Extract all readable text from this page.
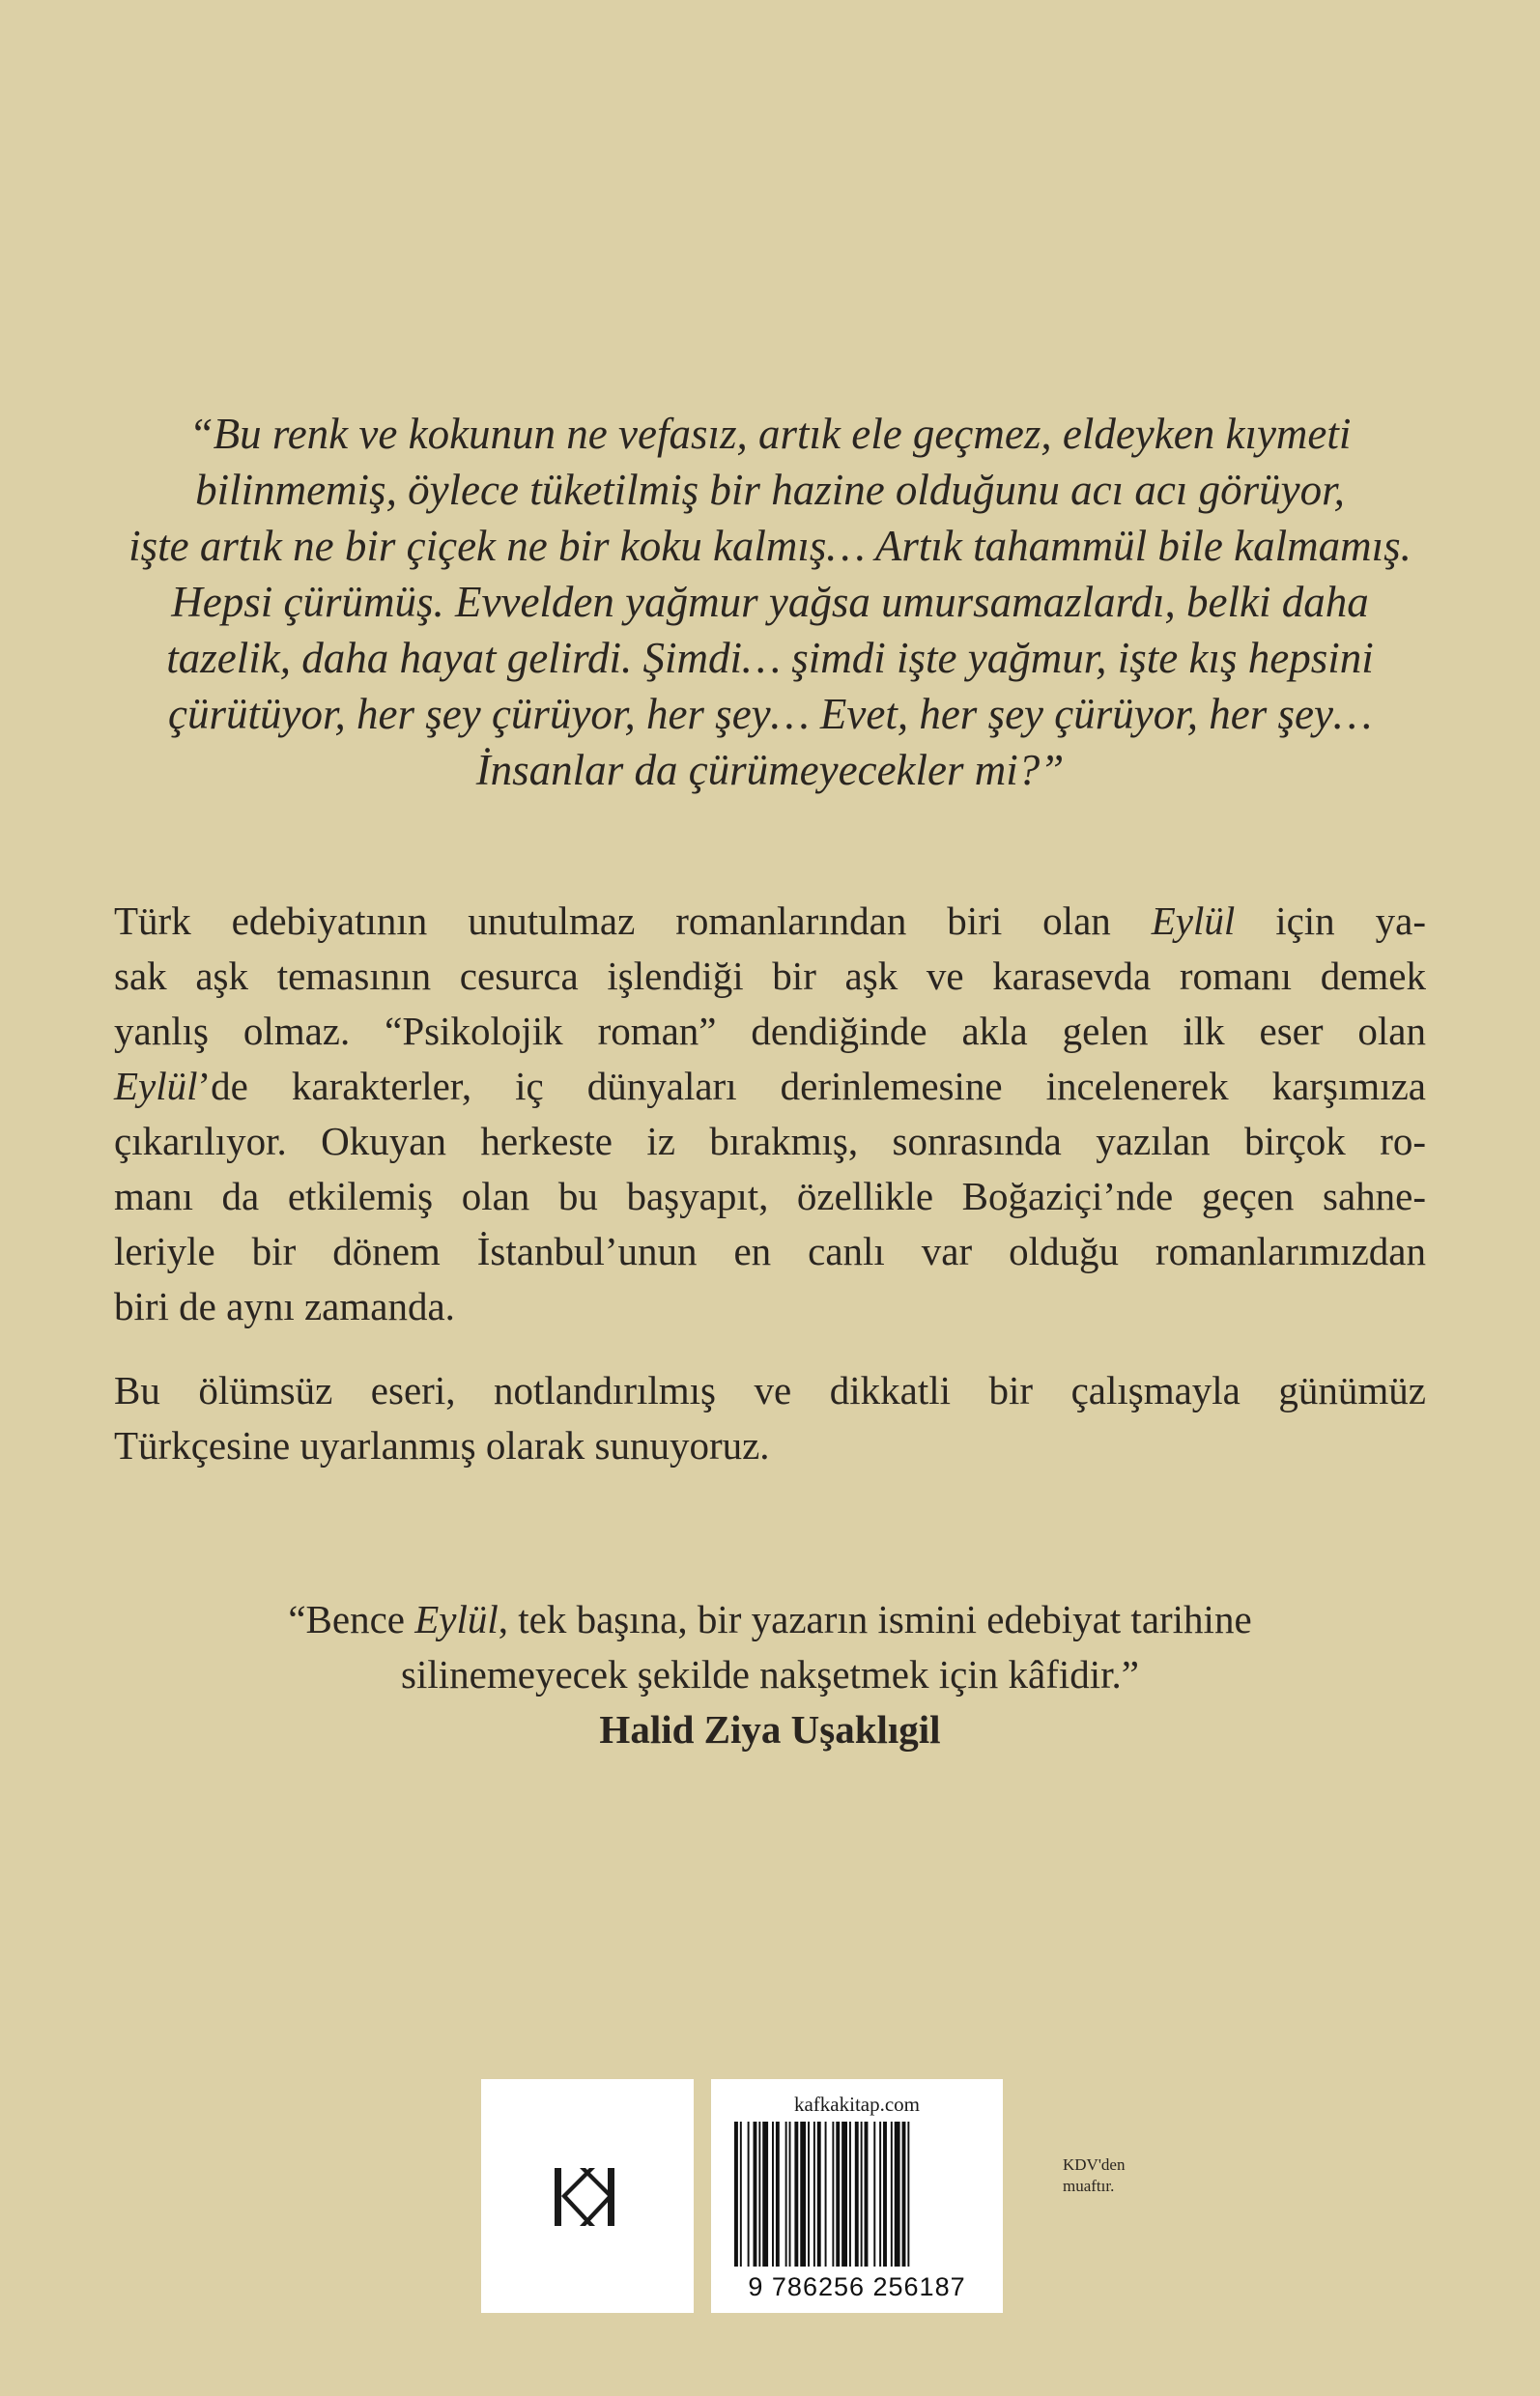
“Bu renk ve kokunun ne vefasız, artık ele geçmez, eldeyken kıymeti
bilinmemiş, öylece tüketilmiş bir hazine olduğunu acı acı görüyor,
işte artık ne bir çiçek ne bir koku kalmış… Artık tahammül bile kalmamış.
Hepsi çürümüş. Evvelden yağmur yağsa umursamazlardı, belki daha
tazelik, daha hayat gelirdi. Şimdi… şimdi işte yağmur, işte kış hepsini
çürütüyor, her şey çürüyor, her şey… Evet, her şey çürüyor, her şey…
İnsanlar da çürümeyecekler mi?”
Türk edebiyatının unutulmaz romanlarından biri olan Eylül için ya-
sak aşk temasının cesurca işlendiği bir aşk ve karasevda romanı demek
yanlış olmaz. “Psikolojik roman” dendiğinde akla gelen ilk eser olan
Eylül’de karakterler, iç dünyaları derinlemesine incelenerek karşımıza
çıkarılıyor. Okuyan herkeste iz bırakmış, sonrasında yazılan birçok ro-
manı da etkilemiş olan bu başyapıt, özellikle Boğaziçi’nde geçen sahne-
leriyle bir dönem İstanbul’unun en canlı var olduğu romanlarımızdan
biri de aynı zamanda.
Bu ölümsüz eseri, notlandırılmış ve dikkatli bir çalışmayla günümüz
Türkçesine uyarlanmış olarak sunuyoruz.
“Bence Eylül, tek başına, bir yazarın ismini edebiyat tarihine
silinemeyecek şekilde nakşetmek için kâfidir.”
Halid Ziya Uşaklıgil
kafkakitap.com
9 786256 256187
KDV'den
muaftır.
